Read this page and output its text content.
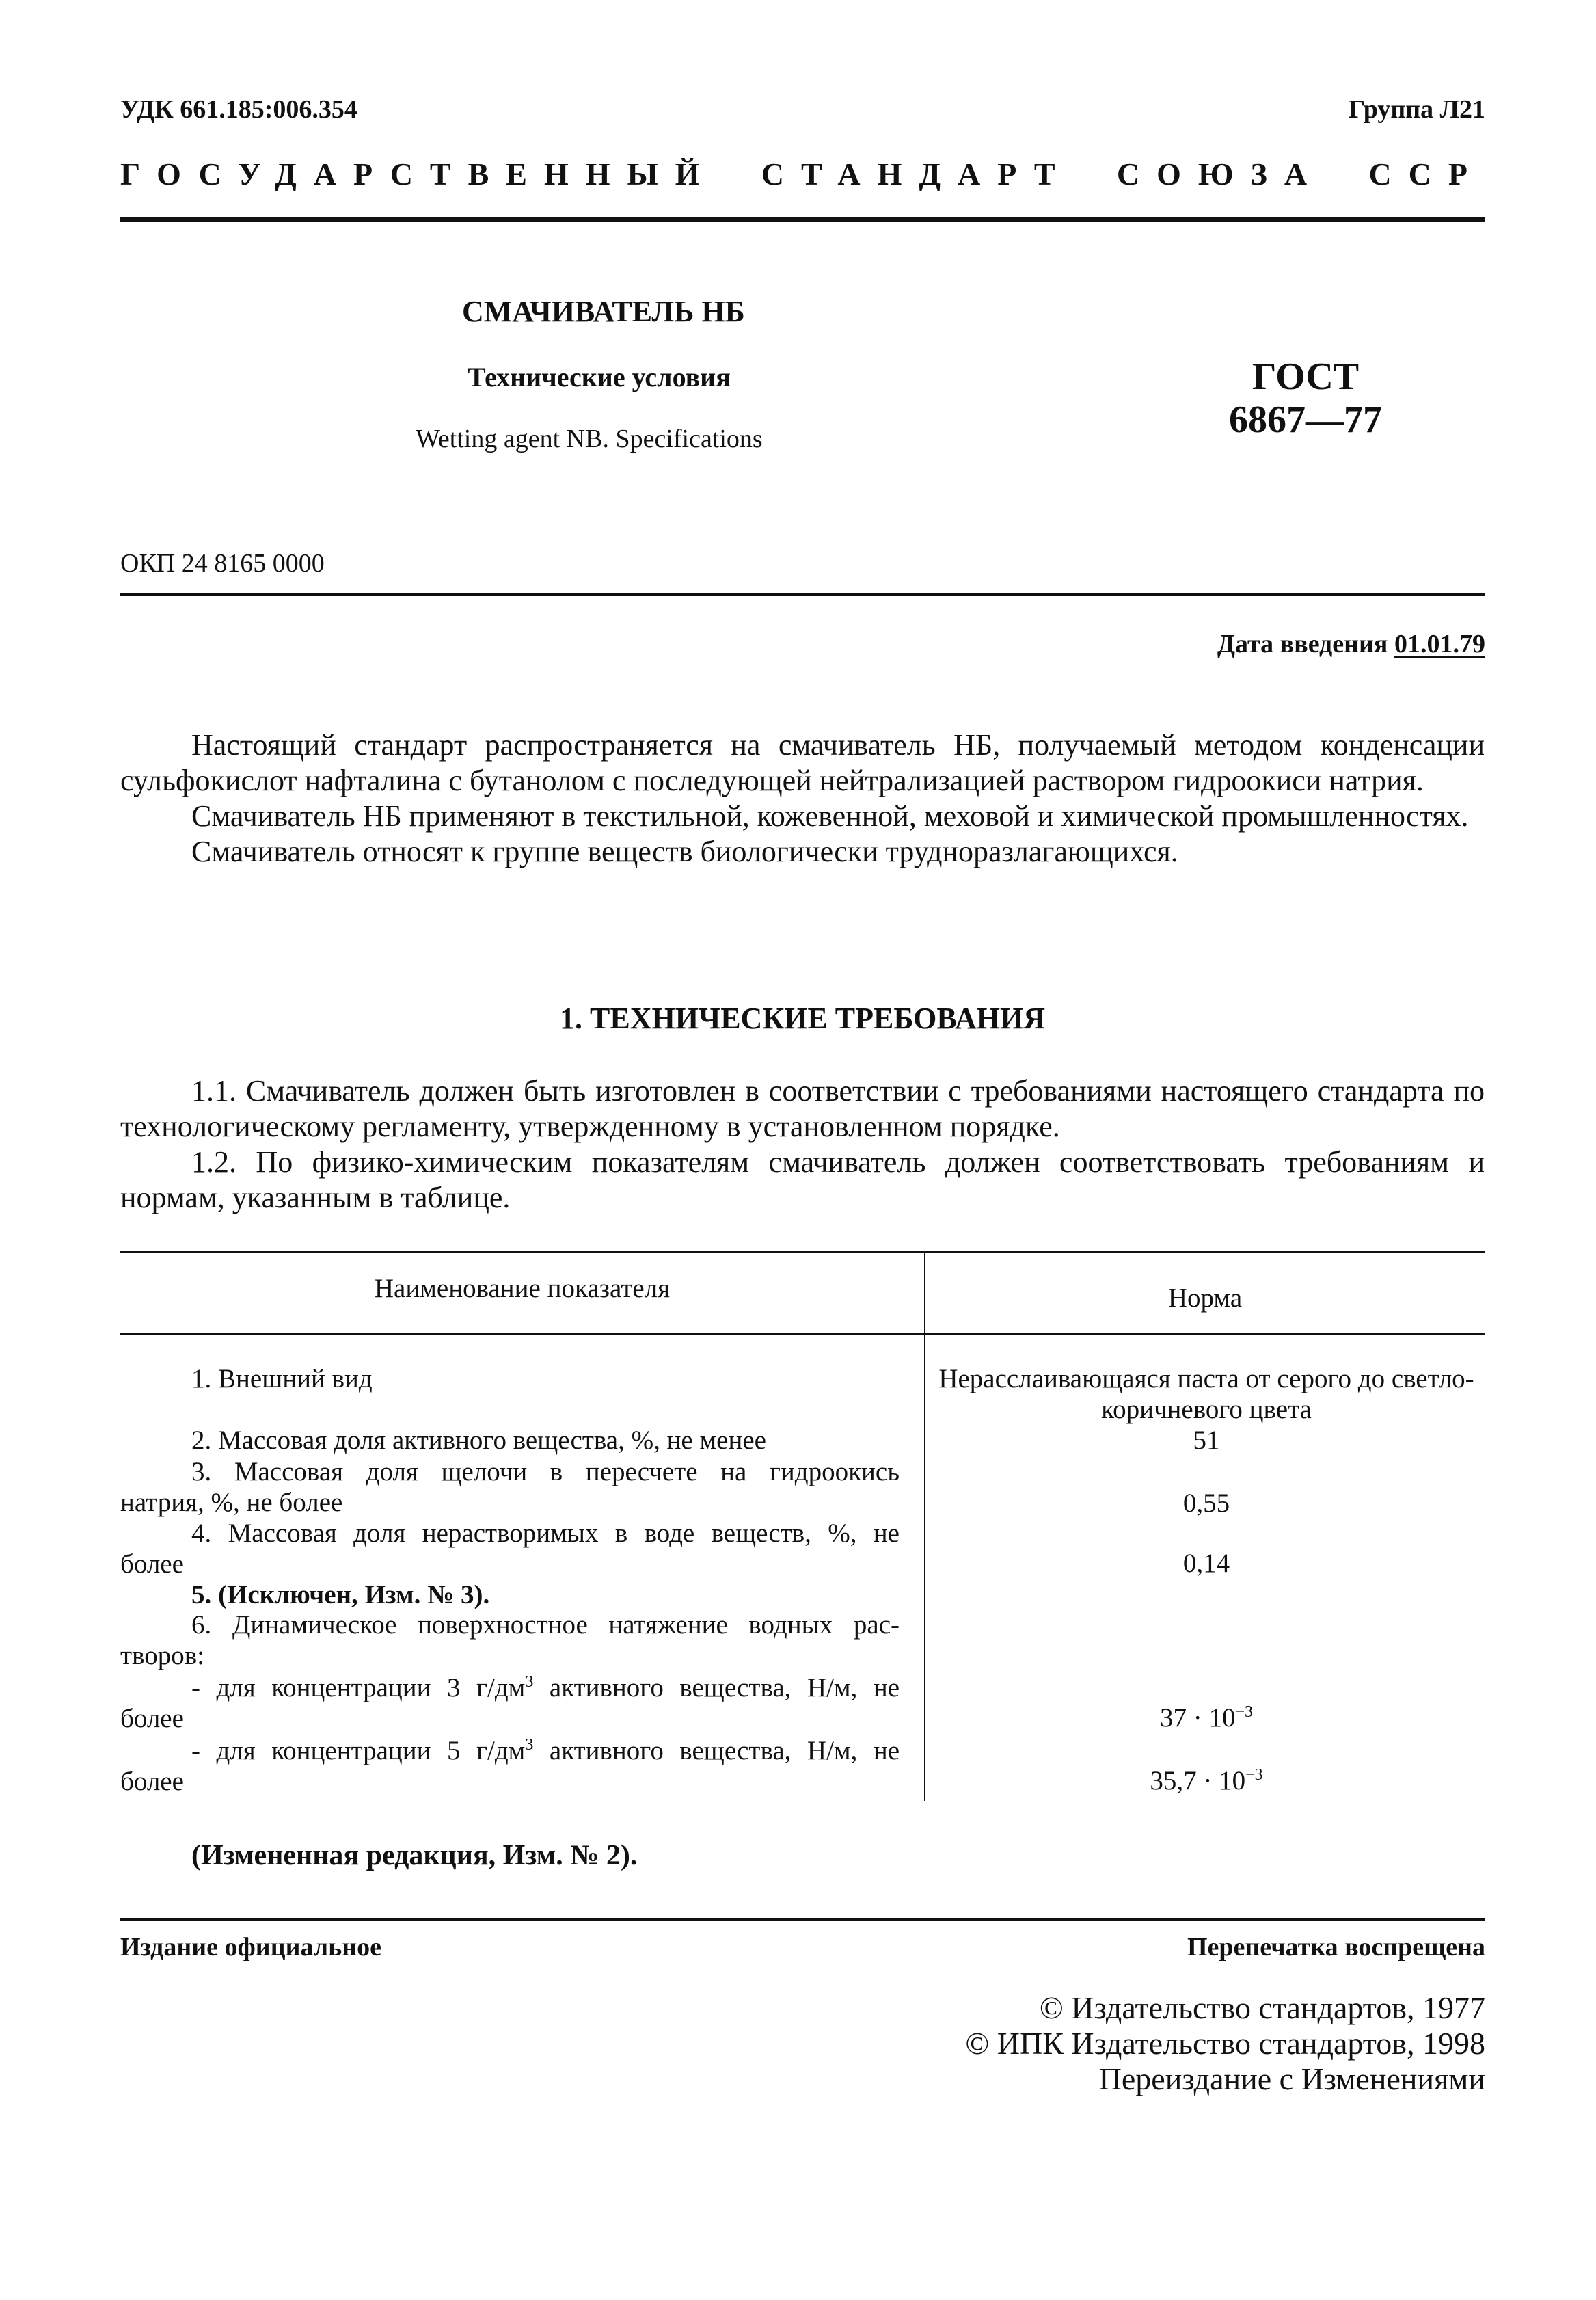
УДК 661.185:006.354	Группа Л21
ГОСУДАРСТВЕННЫЙ СТАНДАРТ СОЮЗА ССР
СМАЧИВАТЕЛЬ НБ
Технические условия
Wetting agent NB. Specifications
ГОСТ
6867—77
ОКП 24 8165 0000
Дата введения 01.01.79

Настоящий стандарт распространяется на смачиватель НБ, получаемый методом конденсации сульфокислот нафталина с бутанолом с последующей нейтрализацией раствором гидроокиси натрия.

Смачиватель НБ применяют в текстильной, кожевенной, меховой и химической промышленностях.

Смачиватель относят к группе веществ биологически трудноразлагающихся.

1. ТЕХНИЧЕСКИЕ ТРЕБОВАНИЯ

1.1. Смачиватель должен быть изготовлен в соответствии с требованиями настоящего стандарта по технологическому регламенту, утвержденному в установленном порядке.

1.2. По физико-химическим показателям смачиватель должен соответствовать требованиям и нормам, указанным в таблице.

Наименование показателя	Норма
1. Внешний вид	Нерасслаивающаяся паста от серого до светло-коричневого цвета
2. Массовая доля активного вещества, %, не менее	51
3. Массовая доля щелочи в пересчете на гидроокись
натрия, %, не более	0,55
4. Массовая доля нерастворимых в воде веществ, %, не
более	0,14
5. (Исключен, Изм. № 3).
6. Динамическое поверхностное натяжение водных рас-
творов:
- для концентрации 3 $г/дм^3$ активного вещества, Н/м, не
более	$37 \cdot 10^{-3}$
- для концентрации 5 $г/дм^3$ активного вещества, Н/м, не
более	$35,7 \cdot 10^{-3}$
(Измененная редакция, Изм. № 2).
Издание официальное	Перепечатка воспрещена
© Издательство стандартов, 1977
© ИПК Издательство стандартов, 1998
Переиздание с Изменениями
